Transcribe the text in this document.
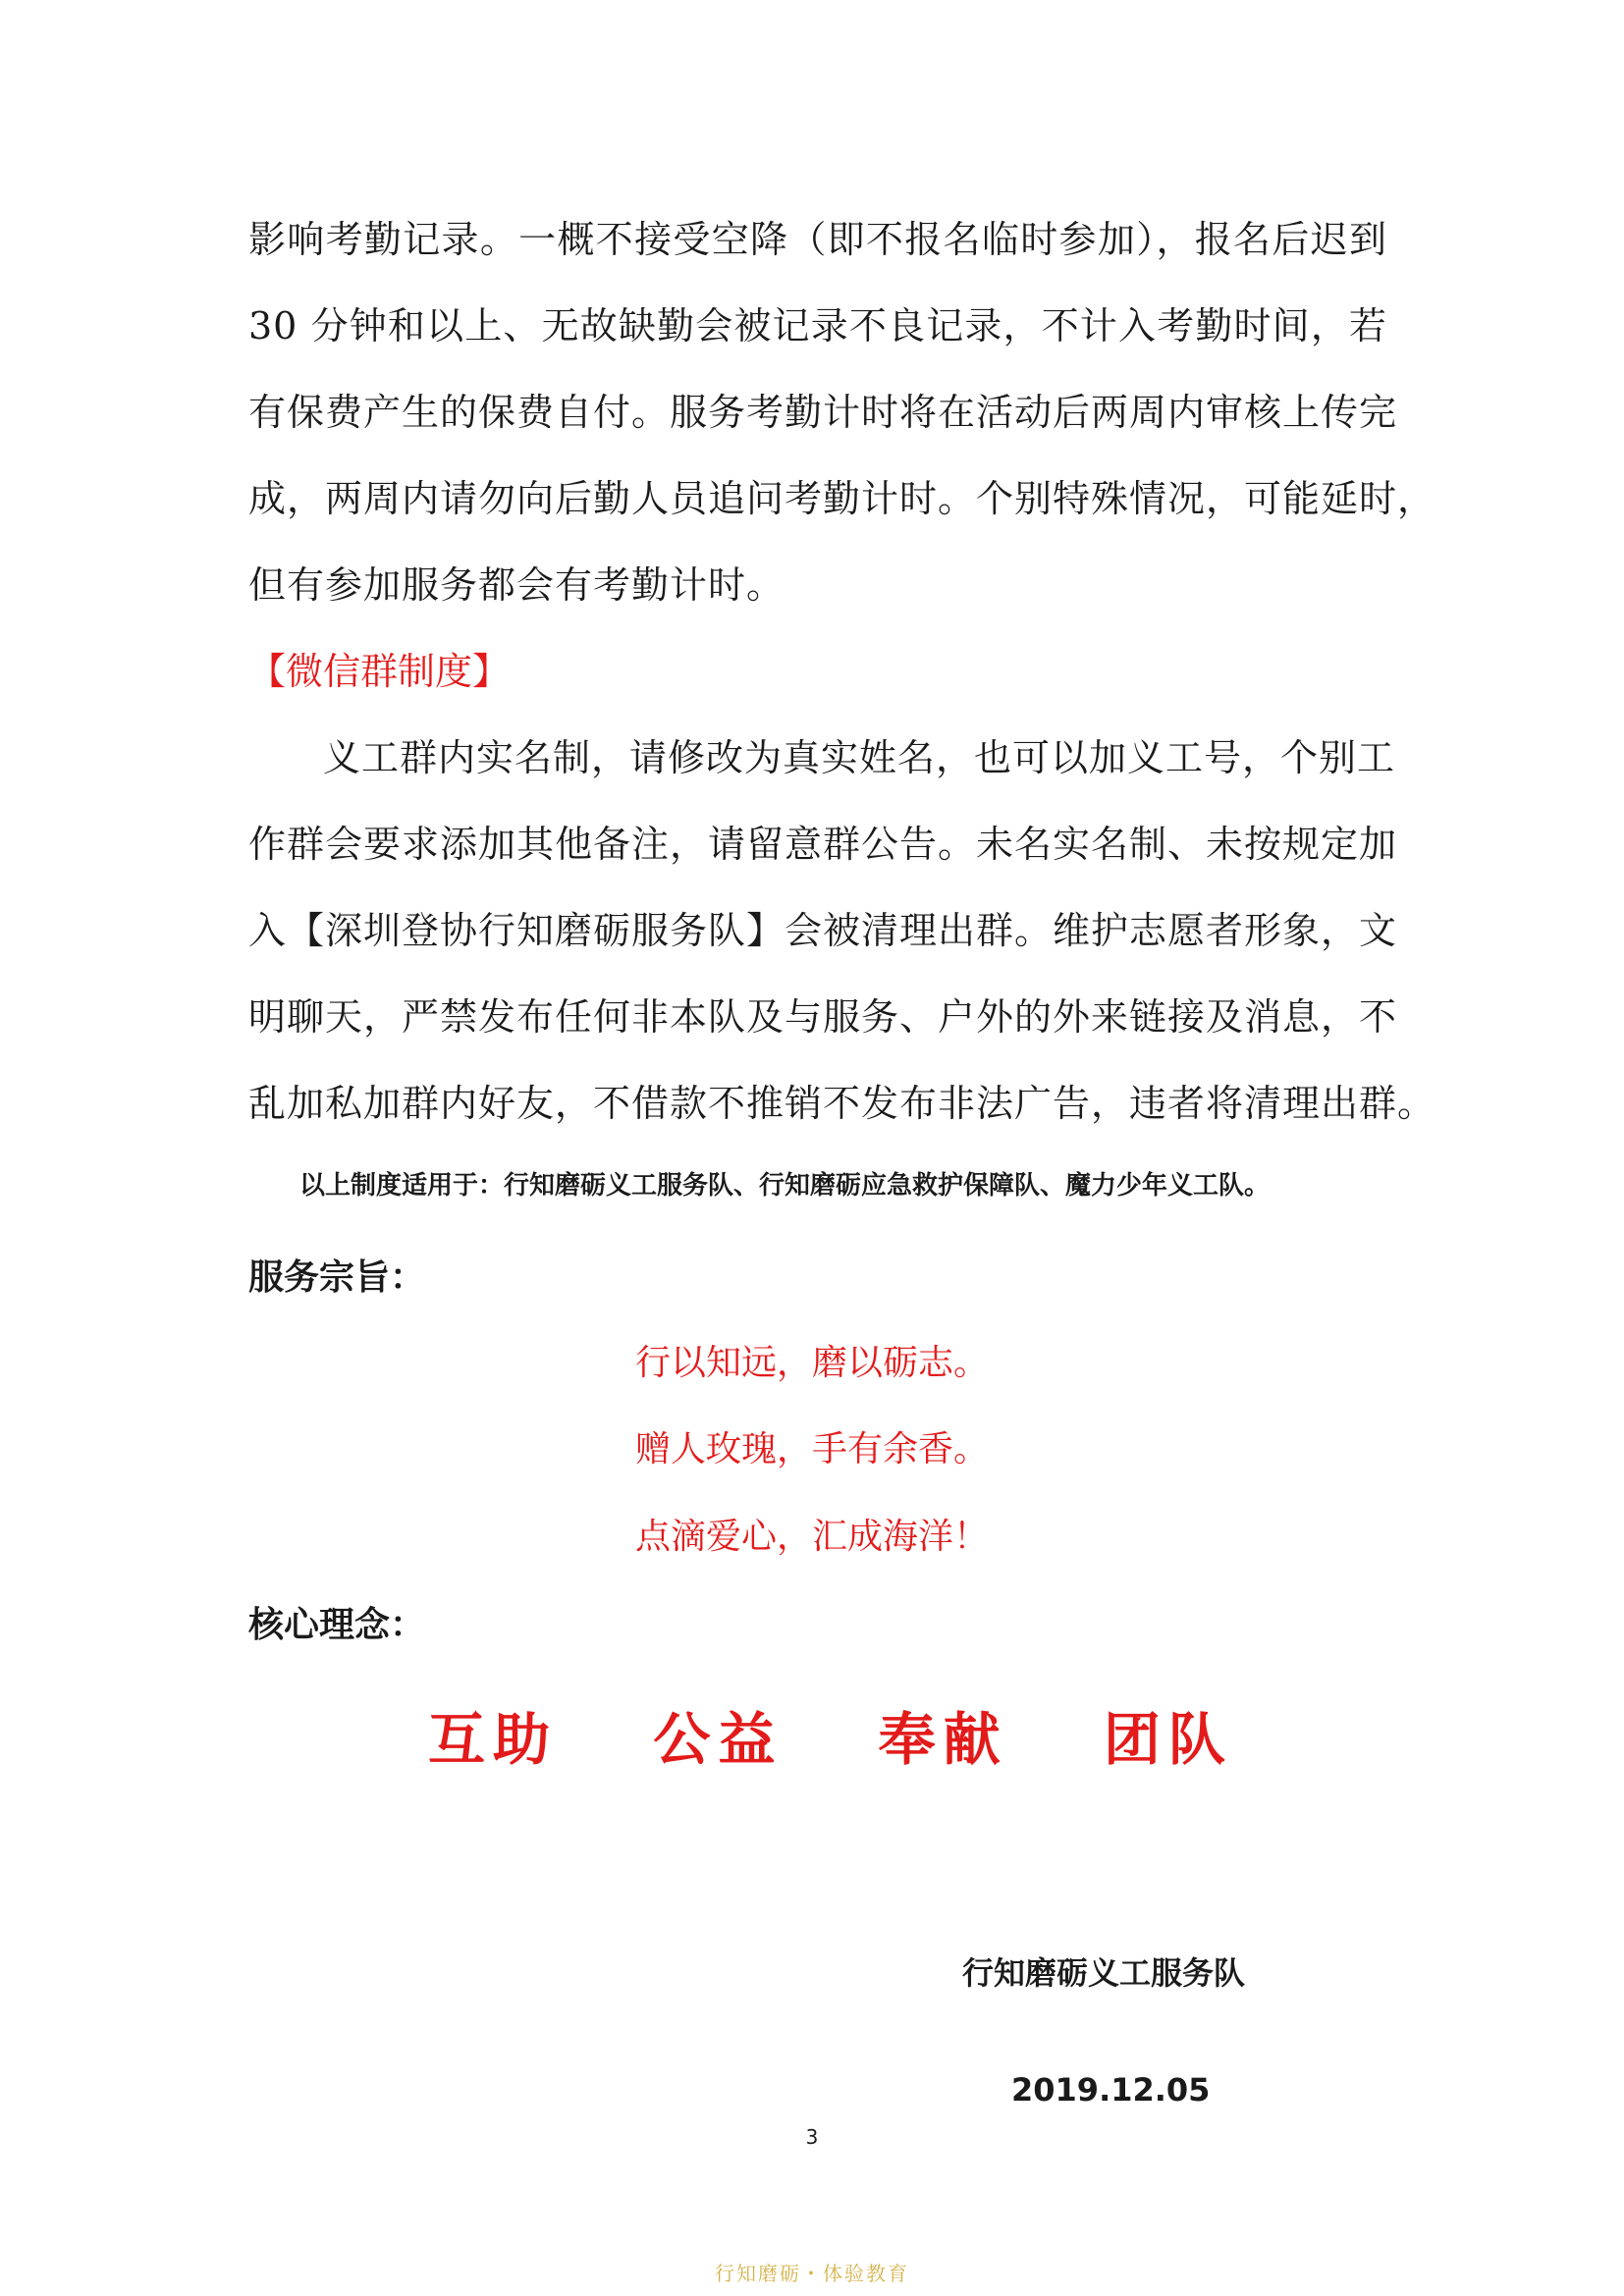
影响考勤记录。一概不接受空降（即不报名临时参加），报名后迟到
30 分钟和以上、无故缺勤会被记录不良记录，不计入考勤时间，若
有保费产生的保费自付。服务考勤计时将在活动后两周内审核上传完
成，两周内请勿向后勤人员追问考勤计时。个别特殊情况，可能延时，
但有参加服务都会有考勤计时。
【微信群制度】
义工群内实名制，请修改为真实姓名，也可以加义工号，个别工
作群会要求添加其他备注，请留意群公告。未名实名制、未按规定加
入【深圳登协行知磨砺服务队】会被清理出群。维护志愿者形象，文
明聊天，严禁发布任何非本队及与服务、户外的外来链接及消息，不
乱加私加群内好友，不借款不推销不发布非法广告，违者将清理出群。
以上制度适用于：行知磨砺义工服务队、行知磨砺应急救护保障队、魔力少年义工队。
服务宗旨：
行以知远，磨以砺志。
赠人玫瑰，手有余香。
点滴爱心，汇成海洋！
核心理念：
互助 公益 奉献 团队
行知磨砺义工服务队
2019.12.05
3
行知磨砺・体验教育
